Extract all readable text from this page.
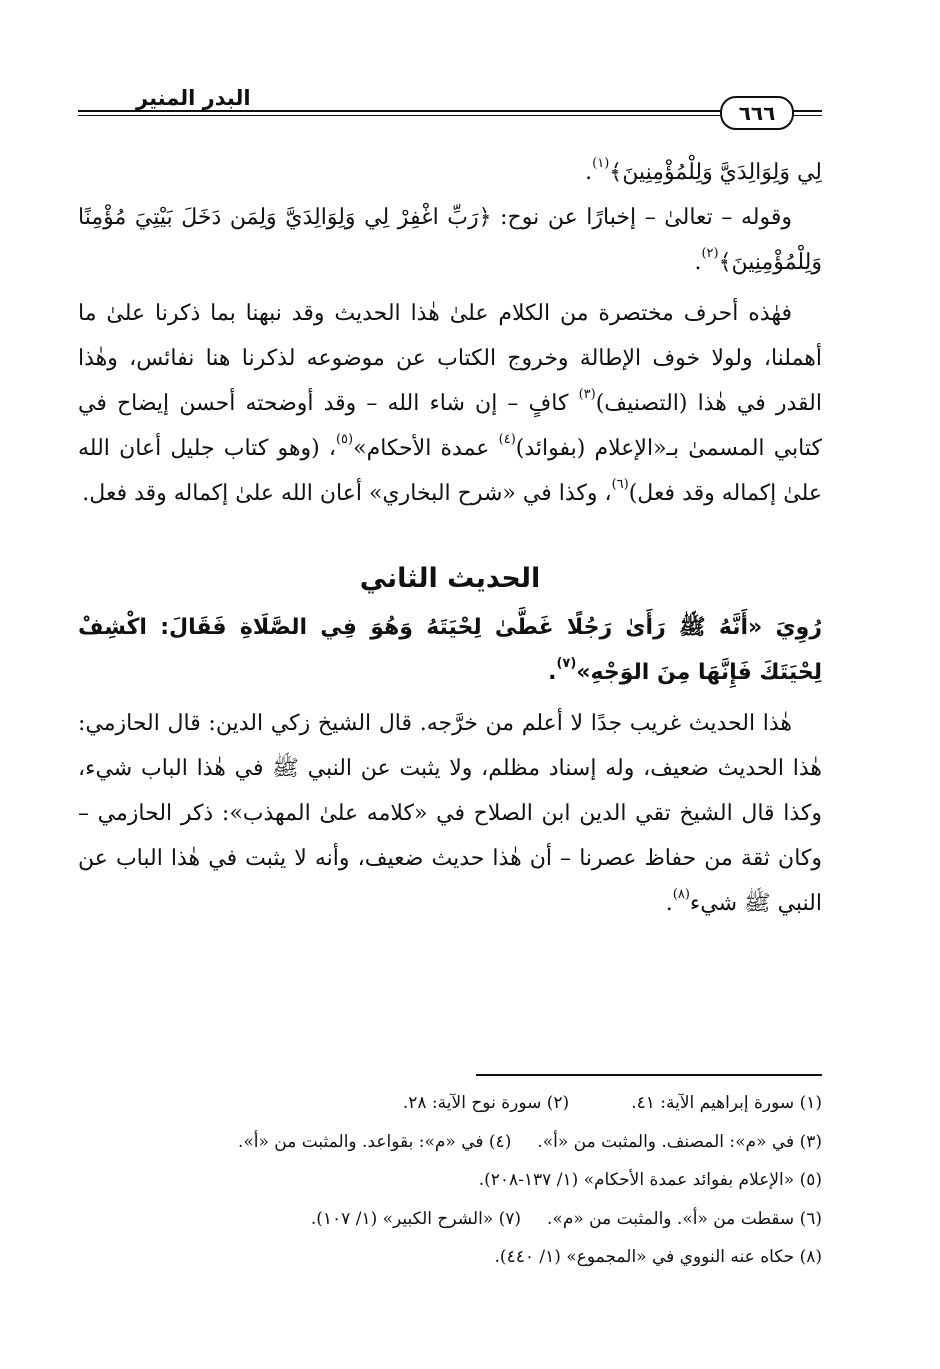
٦٦٦
البدر المنير

لِي وَلِوَالِدَيَّ وَلِلْمُؤْمِنِينَ﴾$^{(١)}$.

وقوله – تعالىٰ – إخبارًا عن نوح: ﴿رَبِّ اغْفِرْ لِي وَلِوَالِدَيَّ وَلِمَن دَخَلَ بَيْتِيَ مُؤْمِنًا وَلِلْمُؤْمِنِينَ﴾$^{(٢)}$.

فهٰذه أحرف مختصرة من الكلام علىٰ هٰذا الحديث وقد نبهنا بما ذكرنا علىٰ ما أهملنا، ولولا خوف الإطالة وخروج الكتاب عن موضوعه لذكرنا هنا نفائس، وهٰذا القدر في هٰذا (التصنيف)$^{(٣)}$ كافٍ – إن شاء الله – وقد أوضحته أحسن إيضاح في كتابي المسمىٰ بـ«الإعلام (بفوائد)$^{(٤)}$ عمدة الأحكام»$^{(٥)}$، (وهو كتاب جليل أعان الله علىٰ إكماله وقد فعل)$^{(٦)}$، وكذا في «شرح البخاري» أعان الله علىٰ إكماله وقد فعل.

الحديث الثاني

رُوِيَ «أَنَّهُ ﷺ رَأَىٰ رَجُلًا غَطَّىٰ لِحْيَتَهُ وَهُوَ فِي الصَّلَاةِ فَقَالَ: اكْشِفْ لِحْيَتَكَ فَإِنَّهَا مِنَ الوَجْهِ»$^{(٧)}$.

هٰذا الحديث غريب جدًا لا أعلم من خرَّجه. قال الشيخ زكي الدين: قال الحازمي: هٰذا الحديث ضعيف، وله إسناد مظلم، ولا يثبت عن النبي ﷺ في هٰذا الباب شيء، وكذا قال الشيخ تقي الدين ابن الصلاح في «كلامه علىٰ المهذب»: ذكر الحازمي – وكان ثقة من حفاظ عصرنا – أن هٰذا حديث ضعيف، وأنه لا يثبت في هٰذا الباب عن النبي ﷺ شيء$^{(٨)}$.

(١) سورة إبراهيم الآية: ٤١.(٢) سورة نوح الآية: ٢٨.
(٣) في «م»: المصنف. والمثبت من «أ».(٤) في «م»: بقواعد. والمثبت من «أ».
(٥) «الإعلام بفوائد عمدة الأحكام» (١/ ١٣٧-٢٠٨).
(٦) سقطت من «أ». والمثبت من «م».(٧) «الشرح الكبير» (١/ ١٠٧).
(٨) حكاه عنه النووي في «المجموع» (١/ ٤٤٠).
